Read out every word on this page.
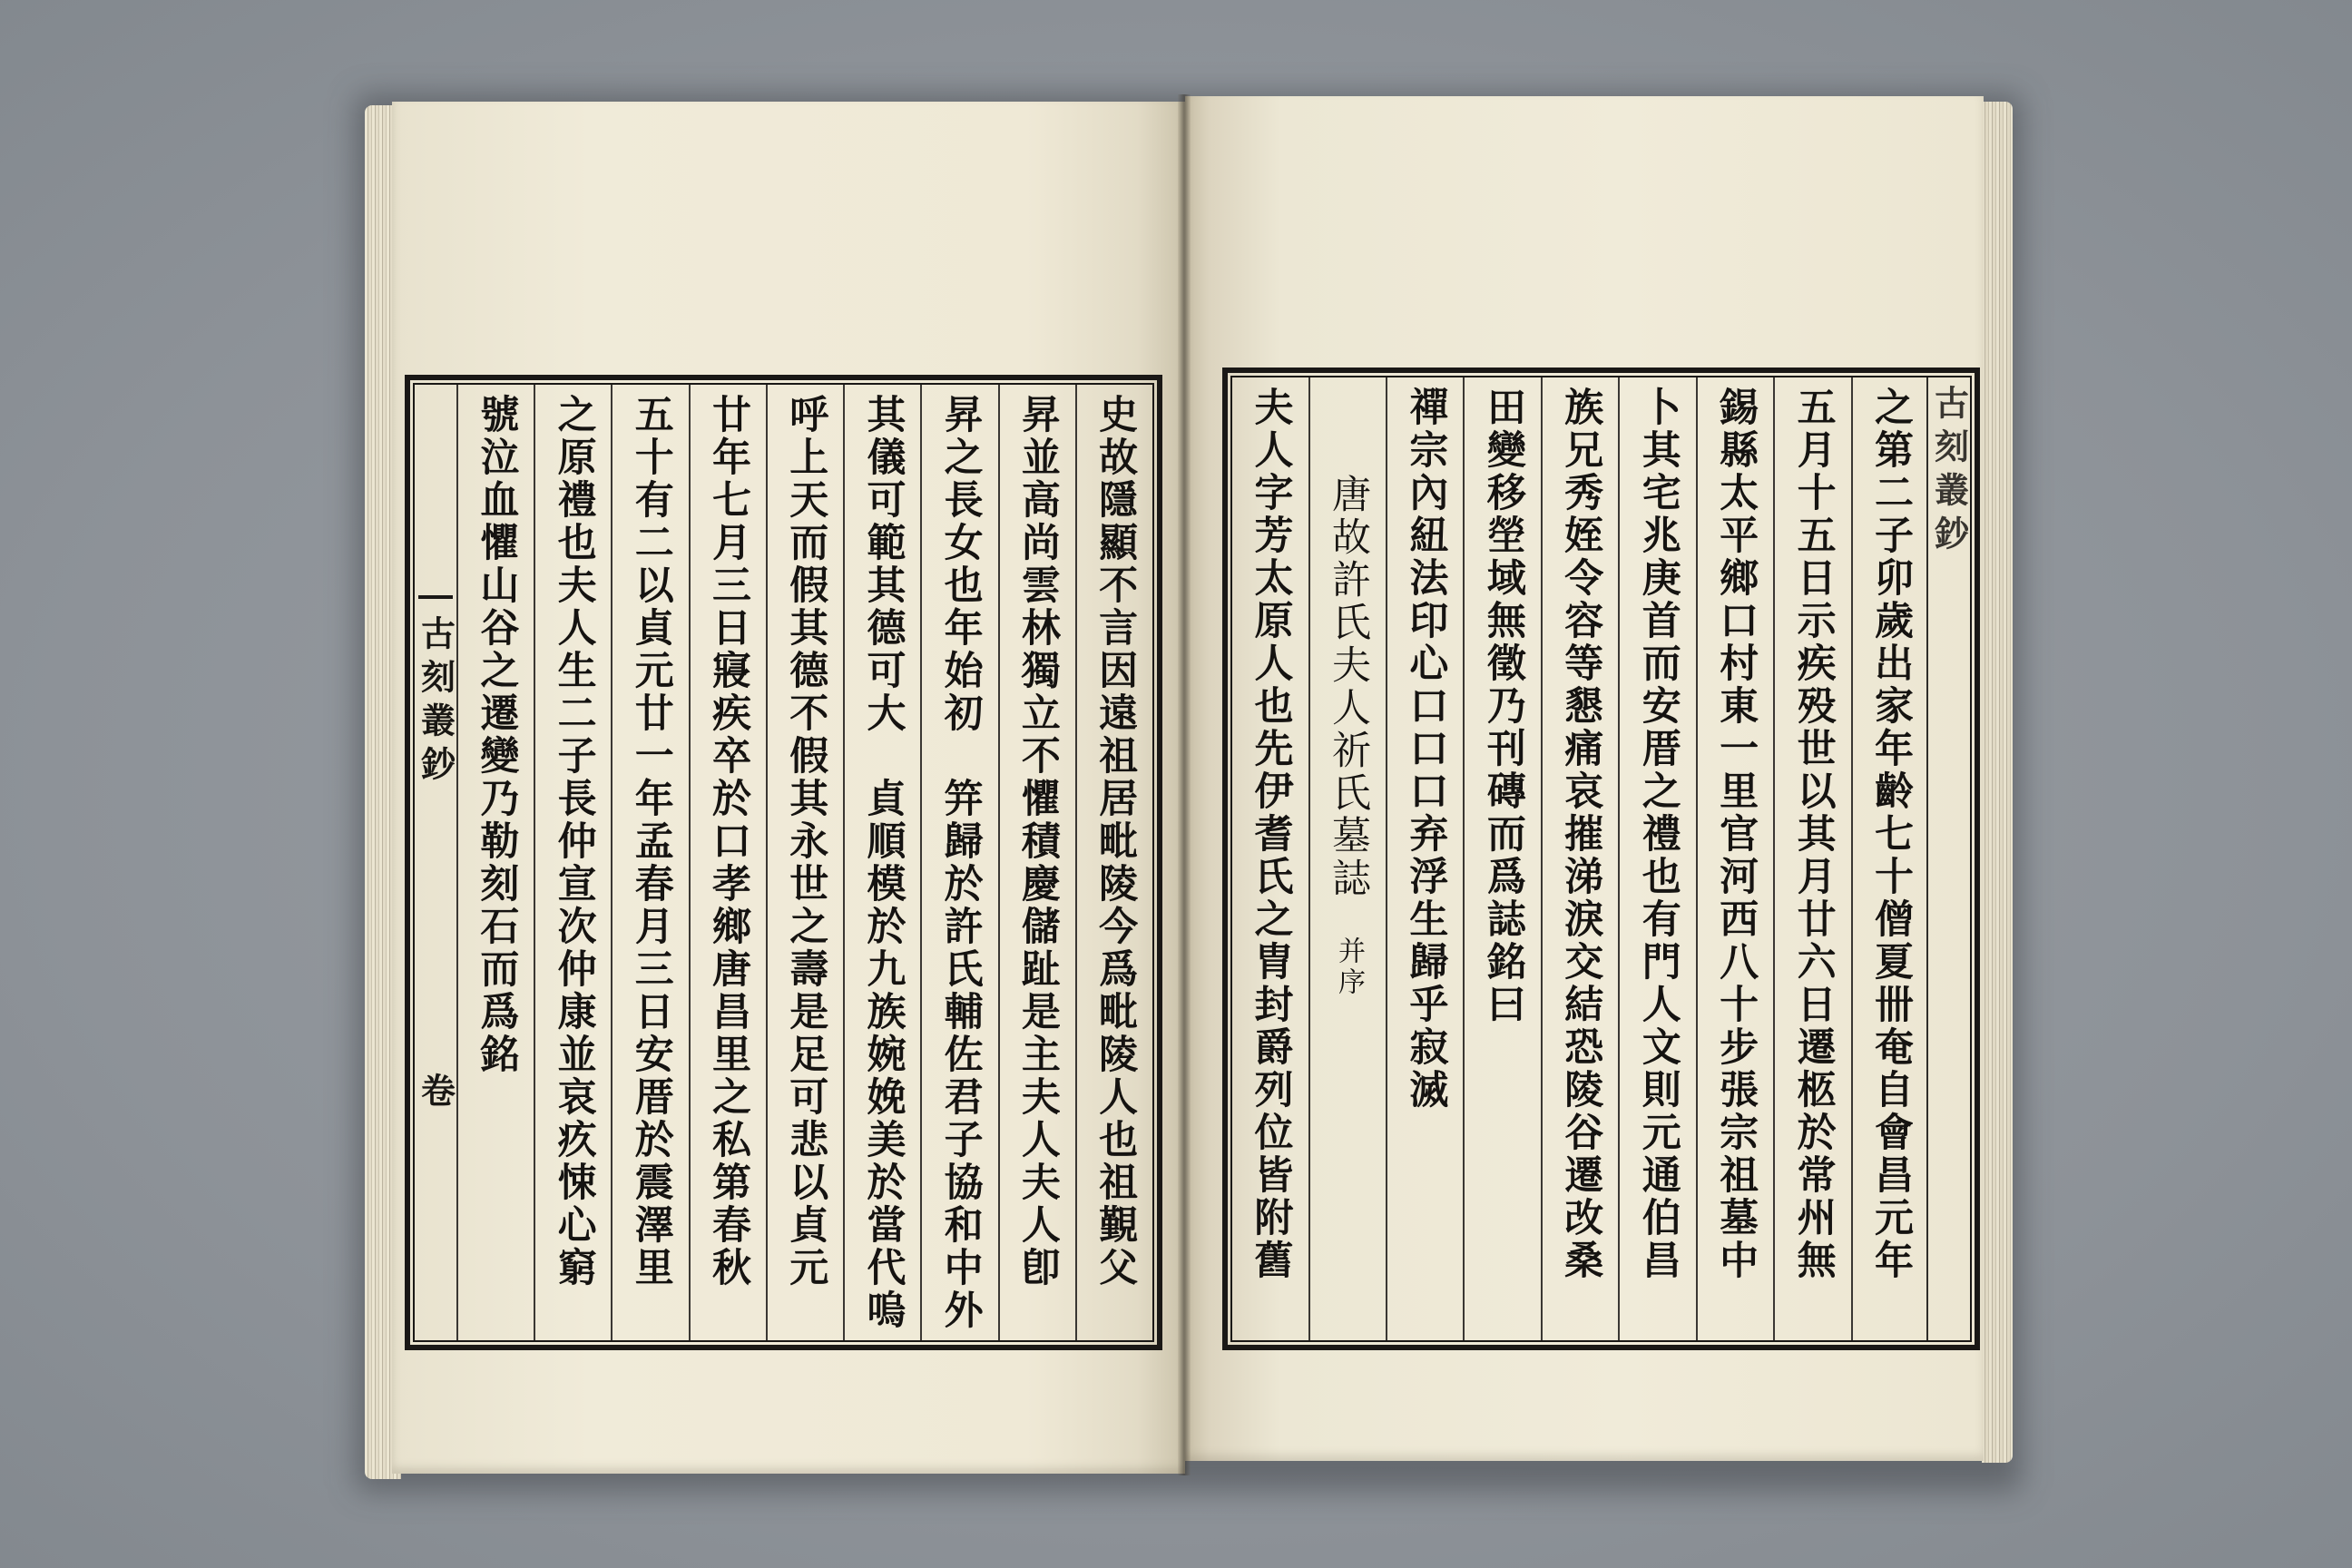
古刻叢鈔
卷	史故隱顯不言因遠祖居毗陵今爲毗陵人也祖覲父
昇並高尚雲林獨立不懼積慶儲趾是主夫人夫人卽
昇之長女也年始初　笄歸於許氏輔佐君子協和中外
其儀可範其德可大　貞順模於九族婉娩美於當代嗚
呼上天而假其德不假其永世之壽是足可悲以貞元
廿年七月三日寢疾卒於口孝鄉唐昌里之私第春秋
五十有二以貞元廿一年孟春月三日安厝於震澤里
之原禮也夫人生二子長仲宣次仲康並哀疚悚心窮
號泣血懼山谷之遷變乃勒刻石而爲銘	之第二子卯歲出家年齡七十僧夏卌奄自會昌元年
五月十五日示疾殁世以其月廿六日遷柩於常州無
錫縣太平鄉口村東一里官河西八十步張宗祖墓中
卜其宅兆庚首而安厝之禮也有門人文則元通伯昌
族兄秀姪令容等懇痛哀摧涕淚交結恐陵谷遷改桑
田變移塋域無徵乃刊磚而爲誌銘曰
禪宗內紐法印心口口口弃浮生歸乎寂滅
唐故許氏夫人祈氏墓誌并序
夫人字芳太原人也先伊耆氏之胄封爵列位皆附舊	古刻叢鈔
